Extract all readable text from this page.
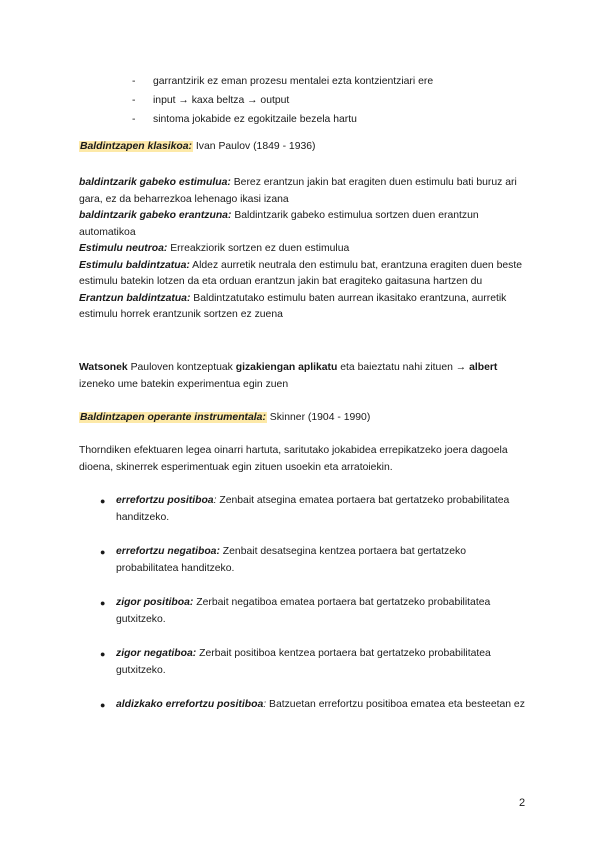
- garrantzirik ez eman prozesu mentalei ezta kontzientziari ere
- input → kaxa beltza → output
- sintoma jokabide ez egokitzaile bezela hartu
Baldintzapen klasikoa: Ivan Paulov (1849 - 1936)
baldintzarik gabeko estimulua: Berez erantzun jakin bat eragiten duen estimulu bati buruz ari gara, ez da beharrezkoa lehenago ikasi izana
baldintzarik gabeko erantzuna: Baldintzarik gabeko estimulua sortzen duen erantzun automatikoa
Estimulu neutroa: Erreakziorik sortzen ez duen estimulua
Estimulu baldintzatua: Aldez aurretik neutrala den estimulu bat, erantzuna eragiten duen beste estimulu batekin lotzen da eta orduan erantzun jakin bat eragiteko gaitasuna hartzen du
Erantzun baldintzatua: Baldintzatutako estimulu baten aurrean ikasitako erantzuna, aurretik estimulu horrek erantzunik sortzen ez zuena
Watsonek Pauloven kontzeptuak gizakiengan aplikatu eta baieztatu nahi zituen → albert izeneko ume batekin experimentua egin zuen
Baldintzapen operante instrumentala: Skinner (1904 - 1990)
Thorndiken efektuaren legea oinarri hartuta, saritutako jokabidea errepikatzeko joera dagoela dioena, skinerrek esperimentuak egin zituen usoekin eta arratoiekin.
● errefortzu positiboa: Zenbait atsegina ematea portaera bat gertatzeko probabilitatea handitzeko.
● errefortzu negatiboa: Zenbait desatsegina kentzea portaera bat gertatzeko probabilitatea handitzeko.
● zigor positiboa: Zerbait negatiboa ematea portaera bat gertatzeko probabilitatea gutxitzeko.
● zigor negatiboa: Zerbait positiboa kentzea portaera bat gertatzeko probabilitatea gutxitzeko.
● aldizkako errefortzu positiboa: Batzuetan errefortzu positiboa ematea eta besteetan ez
2
